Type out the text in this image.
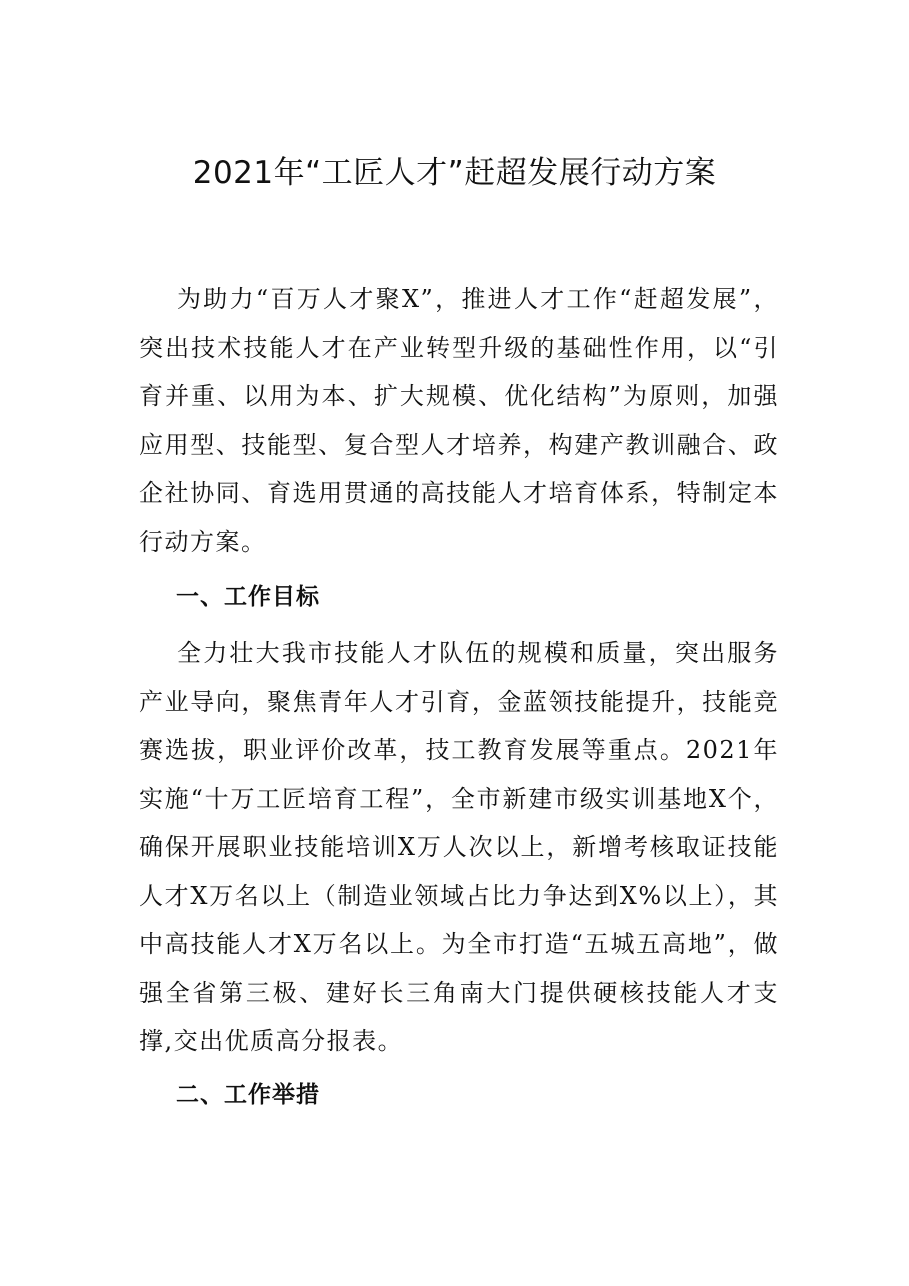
2021年“工匠人才”赶超发展行动方案
为助力“百万人才聚X”，推进人才工作“赶超发展”，突出技术技能人才在产业转型升级的基础性作用，以“引育并重、以用为本、扩大规模、优化结构”为原则，加强应用型、技能型、复合型人才培养，构建产教训融合、政企社协同、育选用贯通的高技能人才培育体系，特制定本行动方案。
一、工作目标
全力壮大我市技能人才队伍的规模和质量，突出服务产业导向，聚焦青年人才引育，金蓝领技能提升，技能竞赛选拔，职业评价改革，技工教育发展等重点。2021年实施“十万工匠培育工程”，全市新建市级实训基地X个，确保开展职业技能培训X万人次以上，新增考核取证技能人才X万名以上（制造业领域占比力争达到X%以上），其中高技能人才X万名以上。为全市打造“五城五高地”，做强全省第三极、建好长三角南大门提供硬核技能人才支撑,交出优质高分报表。
二、工作举措
